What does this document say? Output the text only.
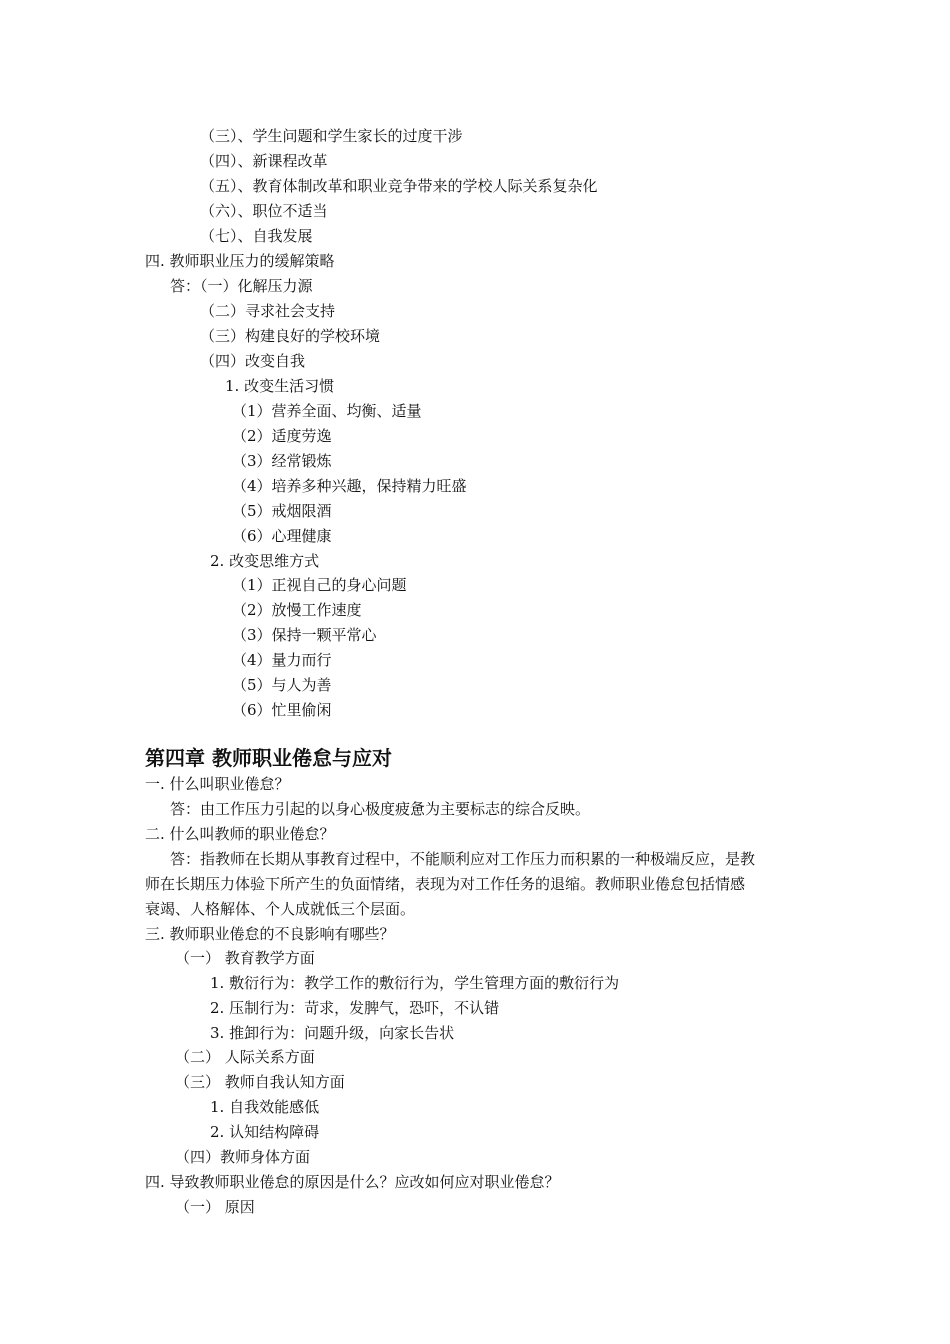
（三）、学生问题和学生家长的过度干涉
（四）、新课程改革
（五）、教育体制改革和职业竞争带来的学校人际关系复杂化
（六）、职位不适当
（七）、自我发展
四. 教师职业压力的缓解策略
答：（一）化解压力源
（二）寻求社会支持
（三）构建良好的学校环境
（四）改变自我
1. 改变生活习惯
（1）营养全面、均衡、适量
（2）适度劳逸
（3）经常锻炼
（4）培养多种兴趣，保持精力旺盛
（5）戒烟限酒
（6）心理健康
2. 改变思维方式
（1）正视自己的身心问题
（2）放慢工作速度
（3）保持一颗平常心
（4）量力而行
（5）与人为善
（6）忙里偷闲
第四章 教师职业倦怠与应对
一. 什么叫职业倦怠？
答：由工作压力引起的以身心极度疲惫为主要标志的综合反映。
二. 什么叫教师的职业倦怠？
答：指教师在长期从事教育过程中，不能顺利应对工作压力而积累的一种极端反应，是教
师在长期压力体验下所产生的负面情绪，表现为对工作任务的退缩。教师职业倦怠包括情感
衰竭、人格解体、个人成就低三个层面。
三. 教师职业倦怠的不良影响有哪些？
（一） 教育教学方面
1. 敷衍行为：教学工作的敷衍行为，学生管理方面的敷衍行为
2. 压制行为：苛求，发脾气，恐吓，不认错
3. 推卸行为：问题升级，向家长告状
（二） 人际关系方面
（三） 教师自我认知方面
1. 自我效能感低
2. 认知结构障碍
（四）教师身体方面
四. 导致教师职业倦怠的原因是什么？应改如何应对职业倦怠？
（一） 原因
